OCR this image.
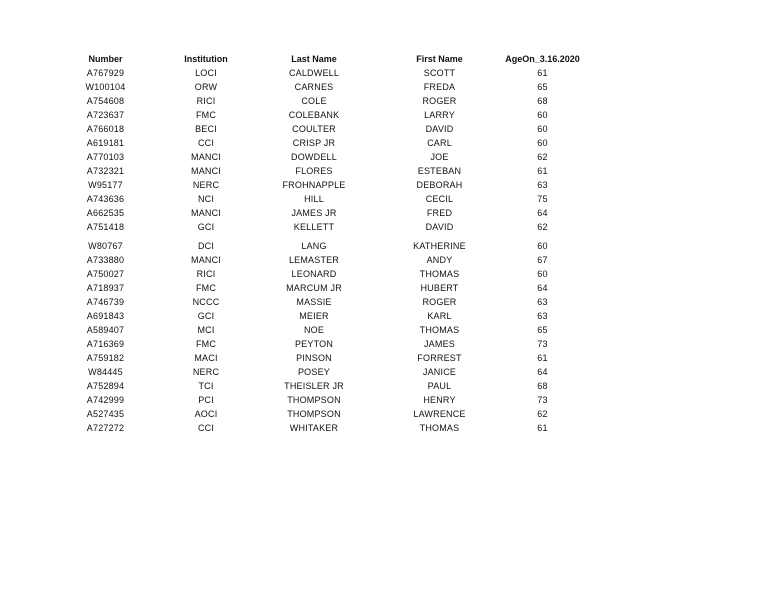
Number	Institution	Last Name	First Name	AgeOn_3.16.2020
A767929	LOCI	CALDWELL	SCOTT	61
W100104	ORW	CARNES	FREDA	65
A754608	RICI	COLE	ROGER	68
A723637	FMC	COLEBANK	LARRY	60
A766018	BECI	COULTER	DAVID	60
A619181	CCI	CRISP JR	CARL	60
A770103	MANCI	DOWDELL	JOE	62
A732321	MANCI	FLORES	ESTEBAN	61
W95177	NERC	FROHNAPPLE	DEBORAH	63
A743636	NCI	HILL	CECIL	75
A662535	MANCI	JAMES JR	FRED	64
A751418	GCI	KELLETT	DAVID	62
W80767	DCI	LANG	KATHERINE	60
A733880	MANCI	LEMASTER	ANDY	67
A750027	RICI	LEONARD	THOMAS	60
A718937	FMC	MARCUM JR	HUBERT	64
A746739	NCCC	MASSIE	ROGER	63
A691843	GCI	MEIER	KARL	63
A589407	MCI	NOE	THOMAS	65
A716369	FMC	PEYTON	JAMES	73
A759182	MACI	PINSON	FORREST	61
W84445	NERC	POSEY	JANICE	64
A752894	TCI	THEISLER JR	PAUL	68
A742999	PCI	THOMPSON	HENRY	73
A527435	AOCI	THOMPSON	LAWRENCE	62
A727272	CCI	WHITAKER	THOMAS	61
